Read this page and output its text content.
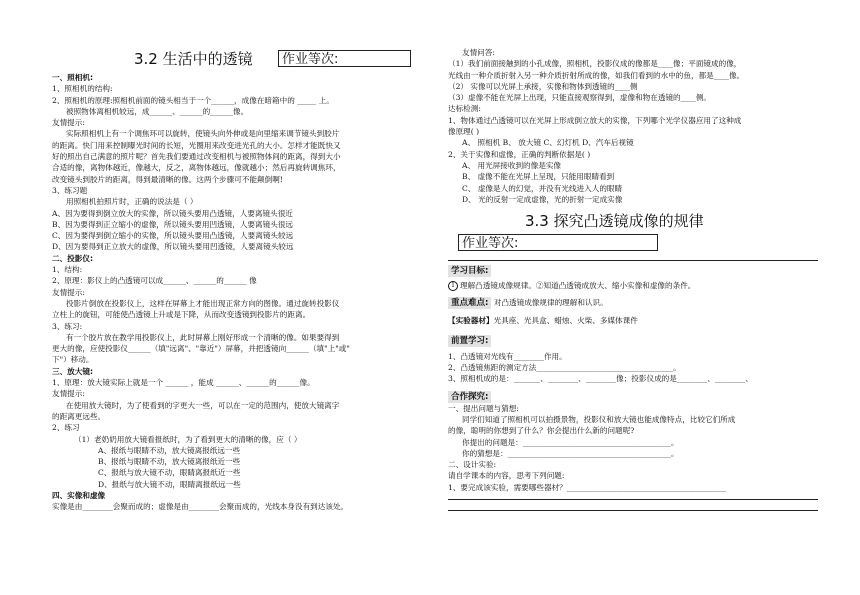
3.2 生活中的透镜	作业等次:
一、照相机:
1、照相机的结构:
2、照相机的原理:照相机前面的镜头相当于一个______，成像在暗箱中的 _____ 上。
被照物体离相机较远，成______、______的______像。
友情提示:
实际照相机上有一个调焦环可以旋转，使镜头向外伸或是向里缩来调节镜头到胶片
的距离。快门用来控制曝光时间的长短，光圈用来改变进光孔的大小。怎样才能既快又
好的照出自己满意的照片呢？首先我们要通过改变相机与被照物体间的距离，得到大小
合适的像，离物体越近，像越大，反之，离物体越远，像就越小；然后再旋转调焦环，
改变镜头到胶片的距离，得到最清晰的像。这两个步骤可不能颠倒啊!
3、练习题
用照相机拍照片时，正确的说法是（ ）
A、因为要得到倒立放大的实像，所以镜头要用凸透镜，人要离镜头很近
B、因为要得到正立缩小的虚像，所以镜头要用凹透镜，人要离镜头很远
C、因为要得到倒立缩小的实像，所以镜头要用凸透镜，人要离镜头较远
D、因为要得到正立放大的虚像，所以镜头要用凹透镜，人要离镜头较远
二、投影仪:
1、结构:
2、原理：影仪上的凸透镜可以成______、______的______ 像
友情提示:
投影片倒放在投影仪上，这样在屏幕上才能出现正常方向的图像。通过旋转投影仪
立柱上的旋钮，可能使凸透镜上升或是下降，从而改变透镜到投影片的距离。
3、练习:
有一个胶片放在教学用投影仪上，此时屏幕上刚好形成一个清晰的像。如果要得到
更大的像，应使投影仪______（填"远离"、"靠近"）屏幕，并把透镜向______（填"上"或"
下"）移动。
三、放大镜:
1、原理：放大镜实际上就是一个 ______ ，能成 ______、______的______像。
友情提示:
在使用放大镜时，为了使看到的字更大一些，可以在一定的范围内，使放大镜离字
的距离更远些。
2、练习
（1）老奶奶用放大镜看报纸时，为了看到更大的清晰的像，应（ ）
A、报纸与眼睛不动，放大镜离报纸远一些
B、报纸与眼睛不动，放大镜离报纸近一些
C、报纸与放大镜不动，眼睛离报纸近一些
D、报纸与放大镜不动，眼睛离报纸远一些
四、实像和虚像
实像是由________会聚而成的；虚像是由________会聚而成的，光线本身没有到达该处。
友情问答:
（1）我们前面接触到的小孔成像，照相机，投影仪成的像都是____像；平面镜成的像，
光线由一种介质折射入另一种介质折射所成的像，如我们看到的水中的鱼，都是____像。
（2） 实像可以光屏上承接，实像和物体到透镜的____侧
（3）虚像不能在光屏上出现，只能直接观察得到，虚像和物在透镜的____侧。
达标检测:
1、物体通过凸透镜可以在光屏上形成倒立放大的实像，下列哪个光学仪器应用了这种成
像原理( )
A、 照相机 B、 放大镜 C、幻灯机 D、汽车后视镜
2、关于实像和虚像，正确的判断依据是( )
A、 用光屏接收到的像是实像
B、 虚像不能在光屏上呈现，只能用眼睛看到
C、 虚像是人的幻觉，并没有光线进入人的眼睛
D、 光的反射一定成虚像，光的折射一定成实像
3.3 探究凸透镜成像的规律
作业等次:
学习目标:
1 理解凸透镜成像规律。②知道凸透镜成放大、缩小实像和虚像的条件。
重点难点: 对凸透镜成像规律的理解和认识。
【实验器材】光具座、光具盒、蜡烛、火柴、多媒体课件
前置学习:
1、凸透镜对光线有________作用。
2、凸透镜焦距的测定方法____________________________________。
3、照相机成的是：_______、________、________像；投影仪成的是________、________、
合作探究:
一、提出问题与猜想:
同学们知道了照相机可以拍摄景物，投影仪和放大镜也能成像特点，比较它们所成
的像，聪明的你想到了什么？你会提出什么新的问题呢?
你提出的问题是：_______________________________________。
你的猜想是：___________________________________________。
二、设计实验:
请自学课本的内容，思考下列问题:
1、要完成该实验，需要哪些器材？__________________________________________
